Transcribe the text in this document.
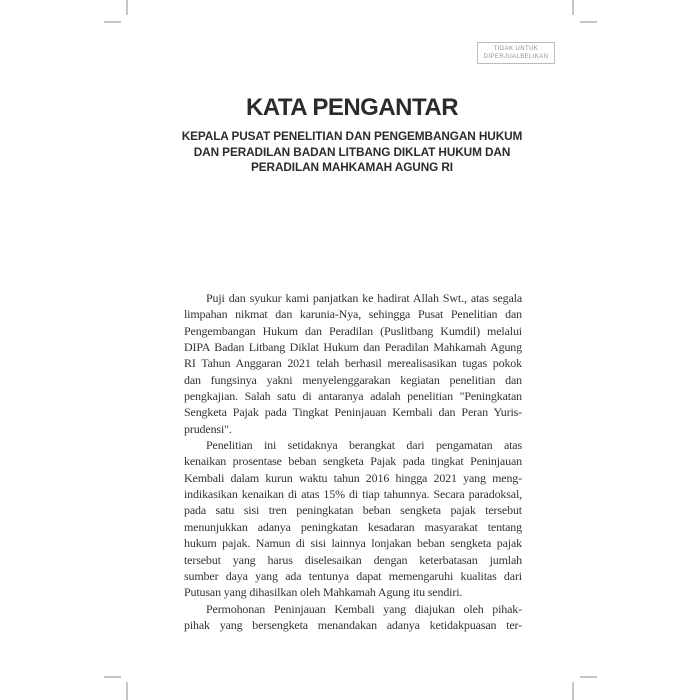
TIDAK UNTUK
DIPERJUALBELIKAN
KATA PENGANTAR
KEPALA PUSAT PENELITIAN DAN PENGEMBANGAN HUKUM
DAN PERADILAN BADAN LITBANG DIKLAT HUKUM DAN
PERADILAN MAHKAMAH AGUNG RI
Puji dan syukur kami panjatkan ke hadirat Allah Swt., atas segala
limpahan nikmat dan karunia-Nya, sehingga Pusat Penelitian dan
Pengembangan Hukum dan Peradilan (Puslitbang Kumdil) melalui
DIPA Badan Litbang Diklat Hukum dan Peradilan Mahkamah Agung
RI Tahun Anggaran 2021 telah berhasil merealisasikan tugas pokok
dan fungsinya yakni menyelenggarakan kegiatan penelitian dan
pengkajian. Salah satu di antaranya adalah penelitian "Peningkatan
Sengketa Pajak pada Tingkat Peninjauan Kembali dan Peran Yuris-
prudensi".
Penelitian ini setidaknya berangkat dari pengamatan atas
kenaikan prosentase beban sengketa Pajak pada tingkat Peninjauan
Kembali dalam kurun waktu tahun 2016 hingga 2021 yang meng-
indikasikan kenaikan di atas 15% di tiap tahunnya. Secara paradoksal,
pada satu sisi tren peningkatan beban sengketa pajak tersebut
menunjukkan adanya peningkatan kesadaran masyarakat tentang
hukum pajak. Namun di sisi lainnya lonjakan beban sengketa pajak
tersebut yang harus diselesaikan dengan keterbatasan jumlah
sumber daya yang ada tentunya dapat memengaruhi kualitas dari
Putusan yang dihasilkan oleh Mahkamah Agung itu sendiri.
Permohonan Peninjauan Kembali yang diajukan oleh pihak-
pihak yang bersengketa menandakan adanya ketidakpuasan ter-
